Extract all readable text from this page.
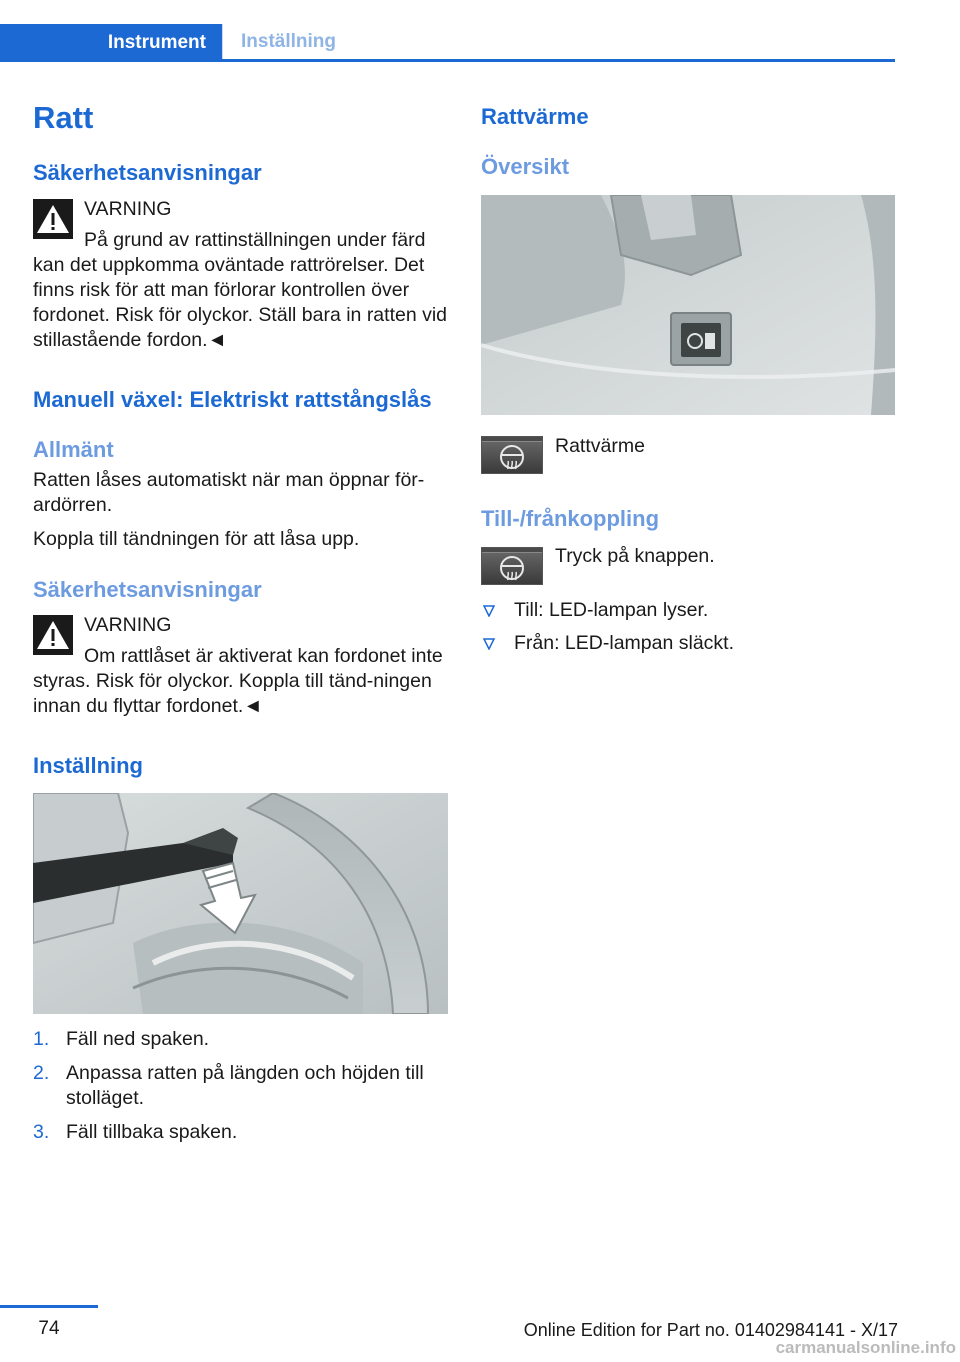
Instrument	Inställning
Ratt
Säkerhetsanvisningar
VARNING
På grund av rattinställningen under färd kan det uppkomma oväntade rattrörelser. Det finns risk för att man förlorar kontrollen över fordonet. Risk för olyckor. Ställ bara in ratten vid stillastående fordon.◄
Manuell växel: Elektriskt rattstångslås
Allmänt
Ratten låses automatiskt när man öppnar för‐ardörren.
Koppla till tändningen för att låsa upp.
Säkerhetsanvisningar
VARNING
Om rattlåset är aktiverat kan fordonet inte styras. Risk för olyckor. Koppla till tänd‐ningen innan du flyttar fordonet.◄
Inställning
1. Fäll ned spaken.
2. Anpassa ratten på längden och höjden till stolläget.
3. Fäll tillbaka spaken.
Rattvärme
Översikt
Rattvärme
Till-/frånkoppling
Tryck på knappen.
Till: LED-lampan lyser.
Från: LED-lampan släckt.
74	Online Edition for Part no. 01402984141 - X/17
carmanualsonline.info
